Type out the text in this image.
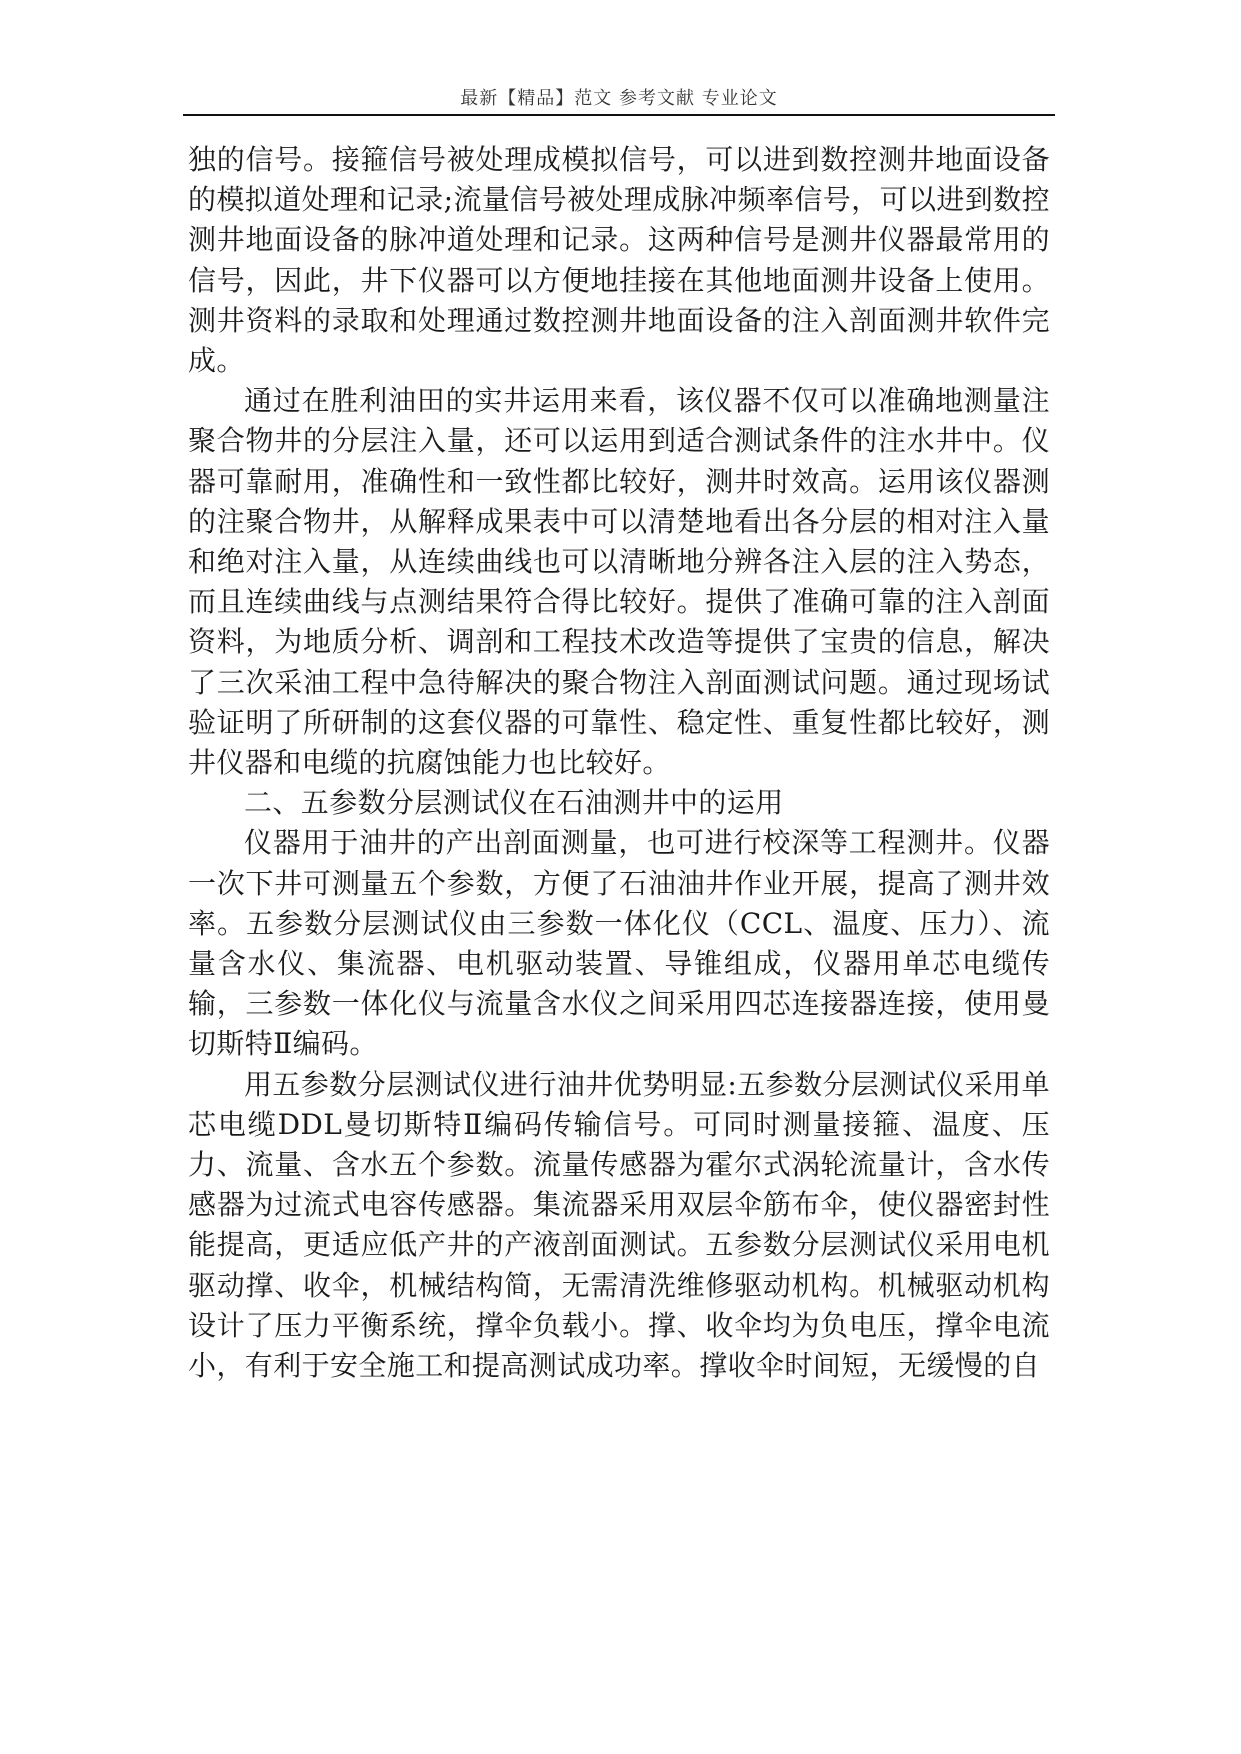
最新【精品】范文 参考文献 专业论文

独的信号。接箍信号被处理成模拟信号，可以进到数控测井地面设备的模拟道处理和记录;流量信号被处理成脉冲频率信号，可以进到数控测井地面设备的脉冲道处理和记录。这两种信号是测井仪器最常用的信号，因此，井下仪器可以方便地挂接在其他地面测井设备上使用。测井资料的录取和处理通过数控测井地面设备的注入剖面测井软件完成。

通过在胜利油田的实井运用来看，该仪器不仅可以准确地测量注聚合物井的分层注入量，还可以运用到适合测试条件的注水井中。仪器可靠耐用，准确性和一致性都比较好，测井时效高。运用该仪器测的注聚合物井，从解释成果表中可以清楚地看出各分层的相对注入量和绝对注入量，从连续曲线也可以清晰地分辨各注入层的注入势态，而且连续曲线与点测结果符合得比较好。提供了准确可靠的注入剖面资料，为地质分析、调剖和工程技术改造等提供了宝贵的信息，解决了三次采油工程中急待解决的聚合物注入剖面测试问题。通过现场试验证明了所研制的这套仪器的可靠性、稳定性、重复性都比较好，测井仪器和电缆的抗腐蚀能力也比较好。

二、五参数分层测试仪在石油测井中的运用

仪器用于油井的产出剖面测量，也可进行校深等工程测井。仪器一次下井可测量五个参数，方便了石油油井作业开展，提高了测井效率。五参数分层测试仪由三参数一体化仪（CCL、温度、压力）、流量含水仪、集流器、电机驱动装置、导锥组成，仪器用单芯电缆传输，三参数一体化仪与流量含水仪之间采用四芯连接器连接，使用曼切斯特Ⅱ编码。

用五参数分层测试仪进行油井优势明显:五参数分层测试仪采用单芯电缆DDL曼切斯特Ⅱ编码传输信号。可同时测量接箍、温度、压力、流量、含水五个参数。流量传感器为霍尔式涡轮流量计，含水传感器为过流式电容传感器。集流器采用双层伞筋布伞，使仪器密封性能提高，更适应低产井的产液剖面测试。五参数分层测试仪采用电机驱动撑、收伞，机械结构简，无需清洗维修驱动机构。机械驱动机构设计了压力平衡系统，撑伞负载小。撑、收伞均为负电压，撑伞电流小，有利于安全施工和提高测试成功率。撑收伞时间短，无缓慢的自
